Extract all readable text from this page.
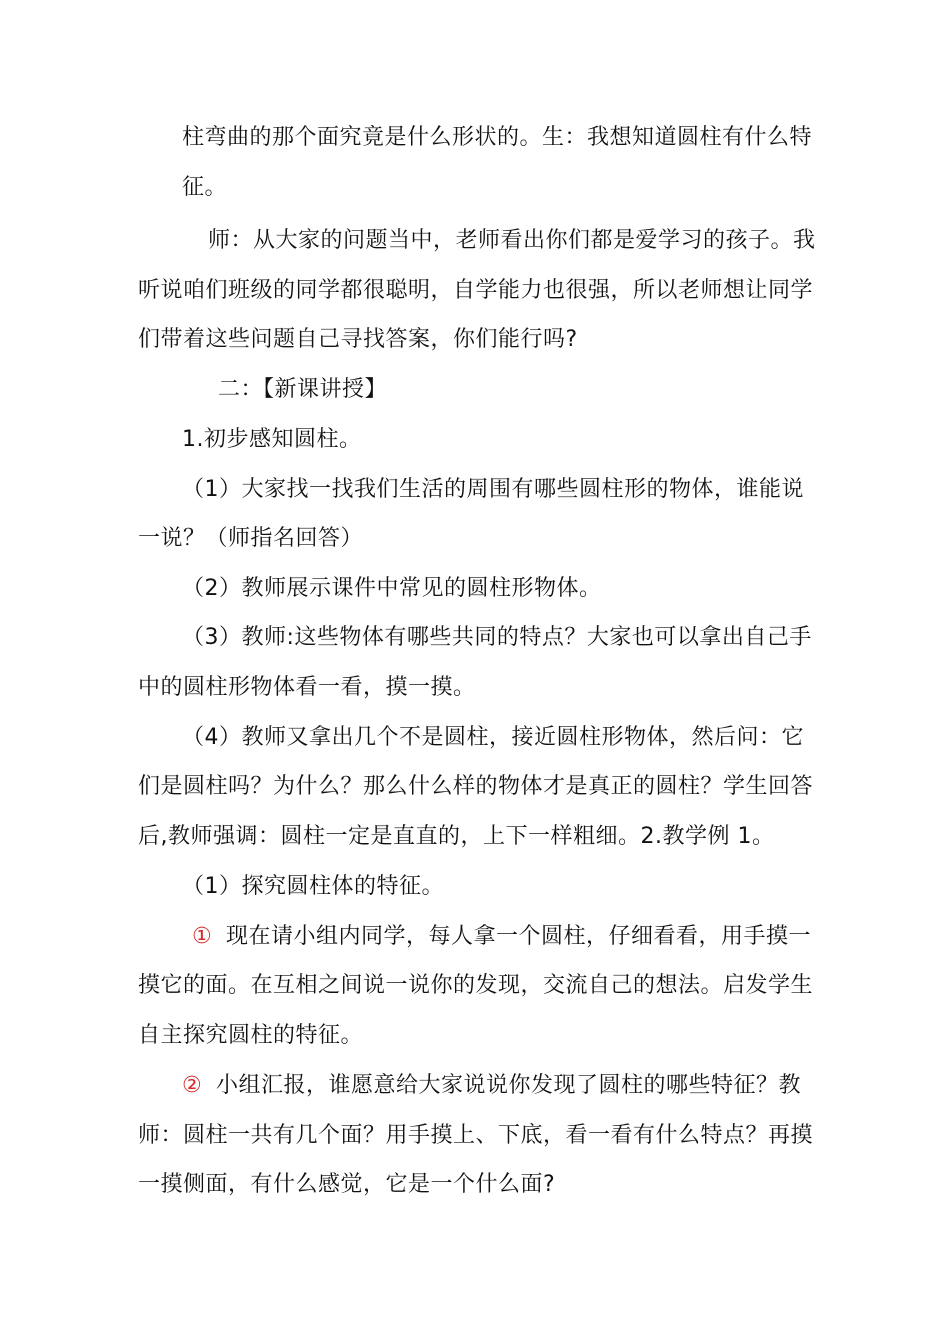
柱弯曲的那个面究竟是什么形状的。生：我想知道圆柱有什么特
征。
师：从大家的问题当中，老师看出你们都是爱学习的孩子。我
听说咱们班级的同学都很聪明，自学能力也很强，所以老师想让同学
们带着这些问题自己寻找答案，你们能行吗?
二：【新课讲授】
1.初步感知圆柱。
（1）大家找一找我们生活的周围有哪些圆柱形的物体，谁能说
一说？（师指名回答）
（2）教师展示课件中常见的圆柱形物体。
（3）教师:这些物体有哪些共同的特点？大家也可以拿出自己手
中的圆柱形物体看一看，摸一摸。
（4）教师又拿出几个不是圆柱，接近圆柱形物体，然后问：它
们是圆柱吗？为什么？那么什么样的物体才是真正的圆柱？学生回答
后,教师强调：圆柱一定是直直的，上下一样粗细。2.教学例 1。
（1）探究圆柱体的特征。
① 现在请小组内同学，每人拿一个圆柱，仔细看看，用手摸一
摸它的面。在互相之间说一说你的发现，交流自己的想法。启发学生
自主探究圆柱的特征。
② 小组汇报，谁愿意给大家说说你发现了圆柱的哪些特征？教
师：圆柱一共有几个面？用手摸上、下底，看一看有什么特点？再摸
一摸侧面，有什么感觉，它是一个什么面?
